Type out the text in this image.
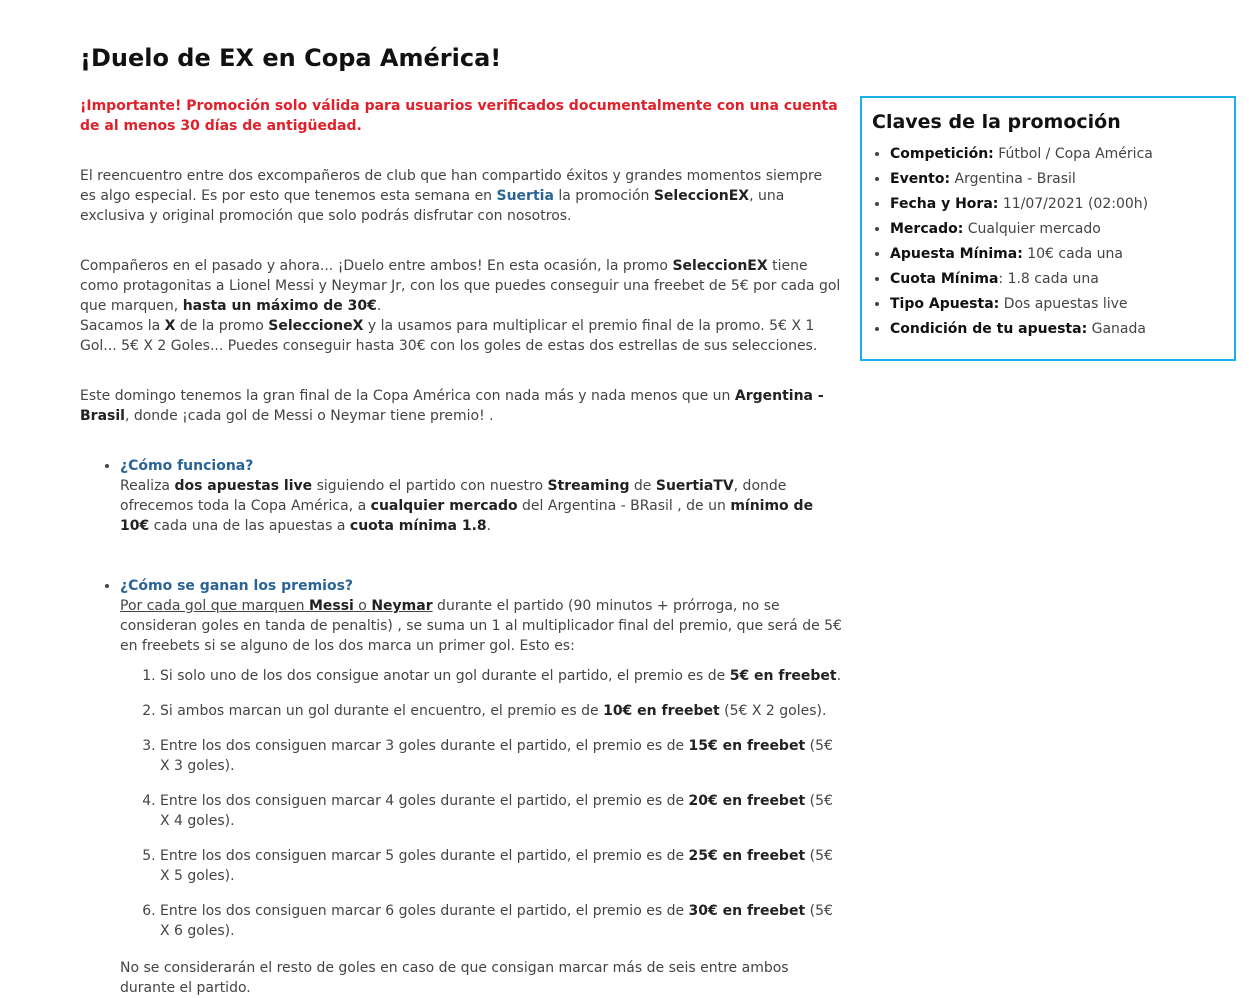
¡Duelo de EX en Copa América!

¡Importante! Promoción solo válida para usuarios verificados documentalmente con una cuenta de al menos 30 días de antigüedad.

El reencuentro entre dos excompañeros de club que han compartido éxitos y grandes momentos siempre es algo especial. Es por esto que tenemos esta semana en Suertia la promoción SeleccionEX, una exclusiva y original promoción que solo podrás disfrutar con nosotros.

Compañeros en el pasado y ahora... ¡Duelo entre ambos! En esta ocasión, la promo SeleccionEX tiene como protagonitas a Lionel Messi y Neymar Jr, con los que puedes conseguir una freebet de 5€ por cada gol que marquen, hasta un máximo de 30€.
Sacamos la X de la promo SeleccioneX y la usamos para multiplicar el premio final de la promo. 5€ X 1 Gol... 5€ X 2 Goles... Puedes conseguir hasta 30€ con los goles de estas dos estrellas de sus selecciones.

Este domingo tenemos la gran final de la Copa América con nada más y nada menos que un Argentina - Brasil, donde ¡cada gol de Messi o Neymar tiene premio! .

• ¿Cómo funciona?
Realiza dos apuestas live siguiendo el partido con nuestro Streaming de SuertiaTV, donde ofrecemos toda la Copa América, a cualquier mercado del Argentina - BRasil , de un mínimo de 10€ cada una de las apuestas a cuota mínima 1.8.
• ¿Cómo se ganan los premios?
Por cada gol que marquen Messi o Neymar durante el partido (90 minutos + prórroga, no se consideran goles en tanda de penaltis) , se suma un 1 al multiplicador final del premio, que será de 5€ en freebets si se alguno de los dos marca un primer gol. Esto es:
1. Si solo uno de los dos consigue anotar un gol durante el partido, el premio es de 5€ en freebet.
2. Si ambos marcan un gol durante el encuentro, el premio es de 10€ en freebet (5€ X 2 goles).
3. Entre los dos consiguen marcar 3 goles durante el partido, el premio es de 15€ en freebet (5€ X 3 goles).
4. Entre los dos consiguen marcar 4 goles durante el partido, el premio es de 20€ en freebet (5€ X 4 goles).
5. Entre los dos consiguen marcar 5 goles durante el partido, el premio es de 25€ en freebet (5€ X 5 goles).
6. Entre los dos consiguen marcar 6 goles durante el partido, el premio es de 30€ en freebet (5€ X 6 goles).

No se considerarán el resto de goles en caso de que consigan marcar más de seis entre ambos durante el partido.

Claves de la promoción
• Competición: Fútbol / Copa América
• Evento: Argentina - Brasil
• Fecha y Hora: 11/07/2021 (02:00h)
• Mercado: Cualquier mercado
• Apuesta Mínima: 10€ cada una
• Cuota Mínima: 1.8 cada una
• Tipo Apuesta: Dos apuestas live
• Condición de tu apuesta: Ganada
